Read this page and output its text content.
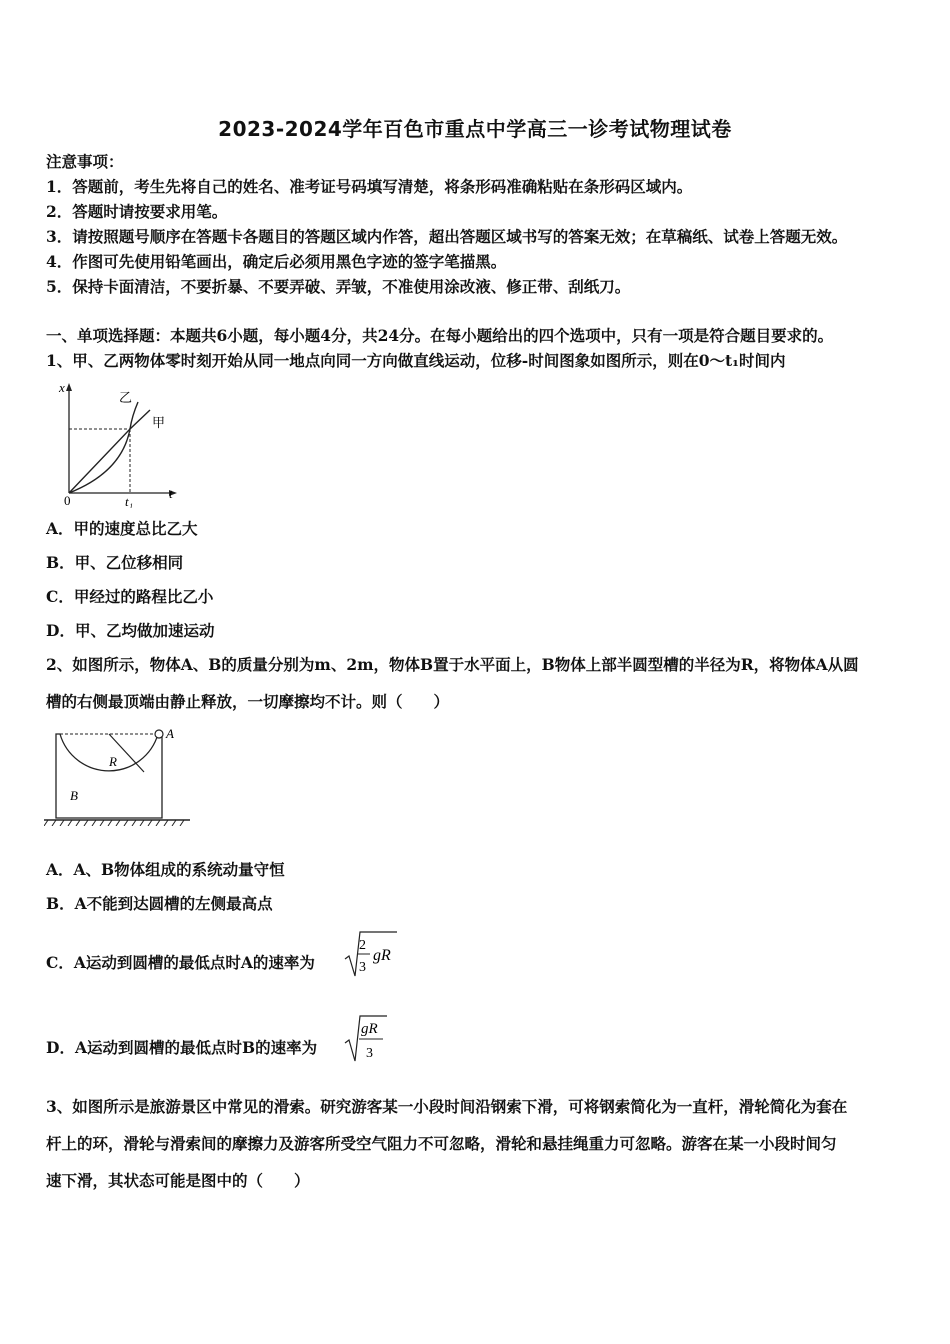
2023-2024学年百色市重点中学高三一诊考试物理试卷
注意事项：
1．答题前，考生先将自己的姓名、准考证号码填写清楚，将条形码准确粘贴在条形码区域内。
2．答题时请按要求用笔。
3．请按照题号顺序在答题卡各题目的答题区域内作答，超出答题区域书写的答案无效；在草稿纸、试卷上答题无效。
4．作图可先使用铅笔画出，确定后必须用黑色字迹的签字笔描黑。
5．保持卡面清洁，不要折暴、不要弄破、弄皱，不准使用涂改液、修正带、刮纸刀。
一、单项选择题：本题共6小题，每小题4分，共24分。在每小题给出的四个选项中，只有一项是符合题目要求的。
1、甲、乙两物体零时刻开始从同一地点向同一方向做直线运动，位移-时间图象如图所示，则在0～t₁时间内
x
t
0	t₁
乙
甲
A．甲的速度总比乙大
B．甲、乙位移相同
C．甲经过的路程比乙小
D．甲、乙均做加速运动
2、如图所示，物体A、B的质量分别为m、2m，物体B置于水平面上，B物体上部半圆型槽的半径为R，将物体A从圆
槽的右侧最顶端由静止释放，一切摩擦均不计。则（　　）
A
R
B
A．A、B物体组成的系统动量守恒
B．A不能到达圆槽的左侧最高点
C．A运动到圆槽的最低点时A的速率为
2
3
gR
D．A运动到圆槽的最低点时B的速率为
gR
3
3、如图所示是旅游景区中常见的滑索。研究游客某一小段时间沿钢索下滑，可将钢索简化为一直杆，滑轮简化为套在
杆上的环，滑轮与滑索间的摩擦力及游客所受空气阻力不可忽略，滑轮和悬挂绳重力可忽略。游客在某一小段时间匀
速下滑，其状态可能是图中的（　　）
